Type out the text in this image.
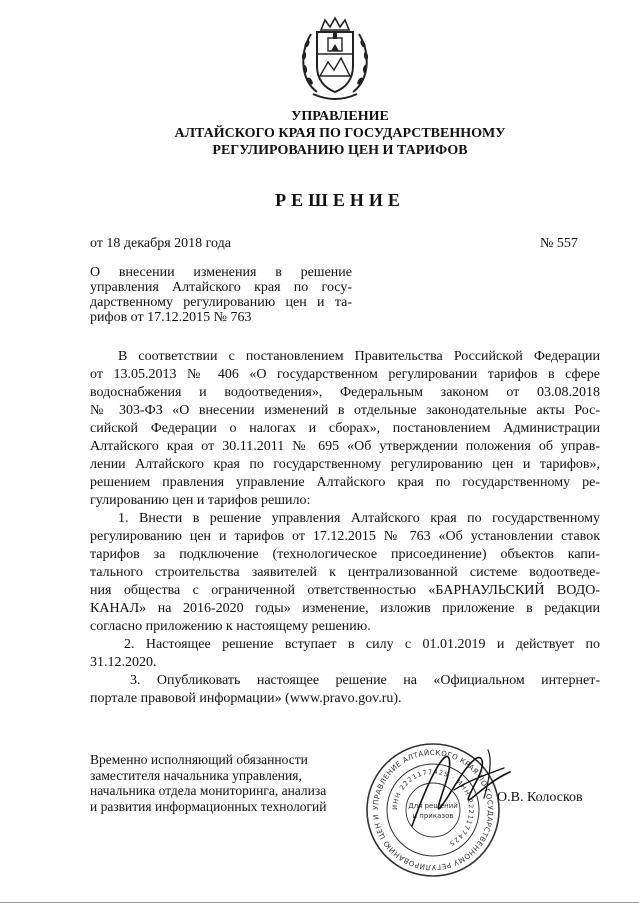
УПРАВЛЕНИЕ
АЛТАЙСКОГО КРАЯ ПО ГОСУДАРСТВЕННОМУ
РЕГУЛИРОВАНИЮ ЦЕН И ТАРИФОВ
РЕШЕНИЕ
от 18 декабря 2018 года	№ 557
О внесении изменения в решение
управления Алтайского края по госу-
дарственному регулированию цен и та-
рифов от 17.12.2015 № 763
В соответствии с постановлением Правительства Российской Федерации
от 13.05.2013 № 406 «О государственном регулировании тарифов в сфере
водоснабжения и водоотведения», Федеральным законом от 03.08.2018
№ 303-ФЗ «О внесении изменений в отдельные законодательные акты Рос-
сийской Федерации о налогах и сборах», постановлением Администрации
Алтайского края от 30.11.2011 № 695 «Об утверждении положения об управ-
лении Алтайского края по государственному регулированию цен и тарифов»,
решением правления управление Алтайского края по государственному ре-
гулированию цен и тарифов решило:
1. Внести в решение управления Алтайского края по государственному
регулированию цен и тарифов от 17.12.2015 № 763 «Об установлении ставок
тарифов за подключение (технологическое присоединение) объектов капи-
тального строительства заявителей к централизованной системе водоотведе-
ния общества с ограниченной ответственностью «БАРНАУЛЬСКИЙ ВОДО-
КАНАЛ» на 2016-2020 годы» изменение, изложив приложение в редакции
согласно приложению к настоящему решению.
2. Настоящее решение вступает в силу с 01.01.2019 и действует по
31.12.2020.
3. Опубликовать настоящее решение на «Официальном интернет-
портале правовой информации» (www.pravo.gov.ru).
Временно исполняющий обязанности
заместителя начальника управления,
начальника отдела мониторинга, анализа
и развития информационных технологий	УПРАВЛЕНИЕ АЛТАЙСКОГО КРАЯ ПО ГОСУДАРСТВЕННОМУ РЕГУЛИРОВАНИЮ ЦЕН И
ИНН 2221177425 · ИНН 2221177425
Для решений
и приказов
О.В. Колосков
